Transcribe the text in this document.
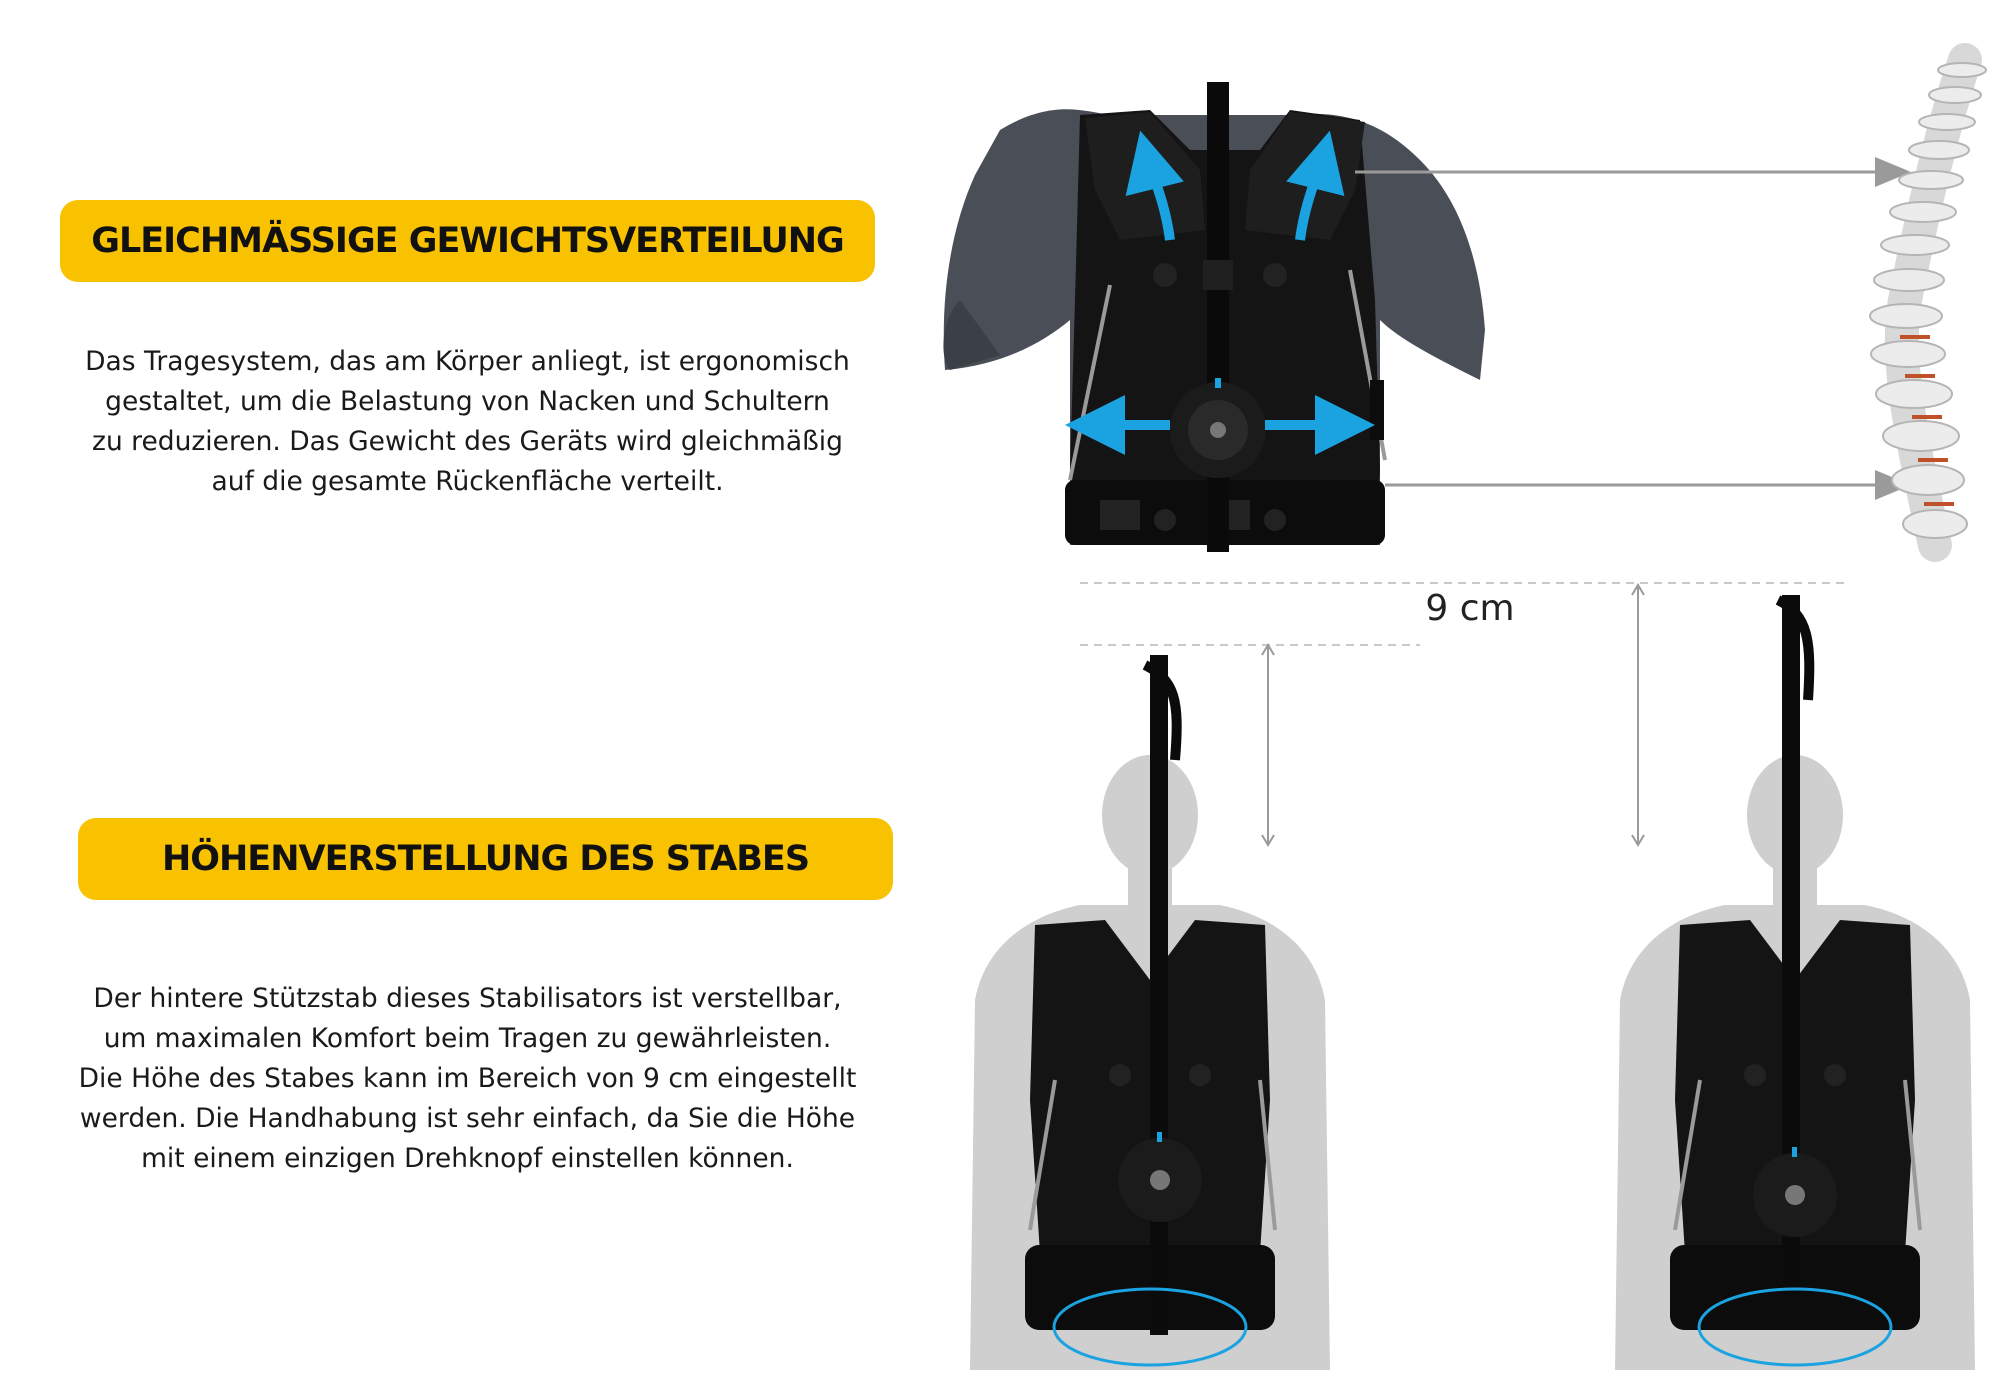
GLEICHMÄSSIGE GEWICHTSVERTEILUNG

Das Tragesystem, das am Körper anliegt, ist ergonomisch

gestaltet, um die Belastung von Nacken und Schultern

zu reduzieren. Das Gewicht des Geräts wird gleichmäßig

auf die gesamte Rückenfläche verteilt.

HÖHENVERSTELLUNG DES STABES

Der hintere Stützstab dieses Stabilisators ist verstellbar,

um maximalen Komfort beim Tragen zu gewährleisten.

Die Höhe des Stabes kann im Bereich von 9 cm eingestellt

werden. Die Handhabung ist sehr einfach, da Sie die Höhe

mit einem einzigen Drehknopf einstellen können.

9 cm
